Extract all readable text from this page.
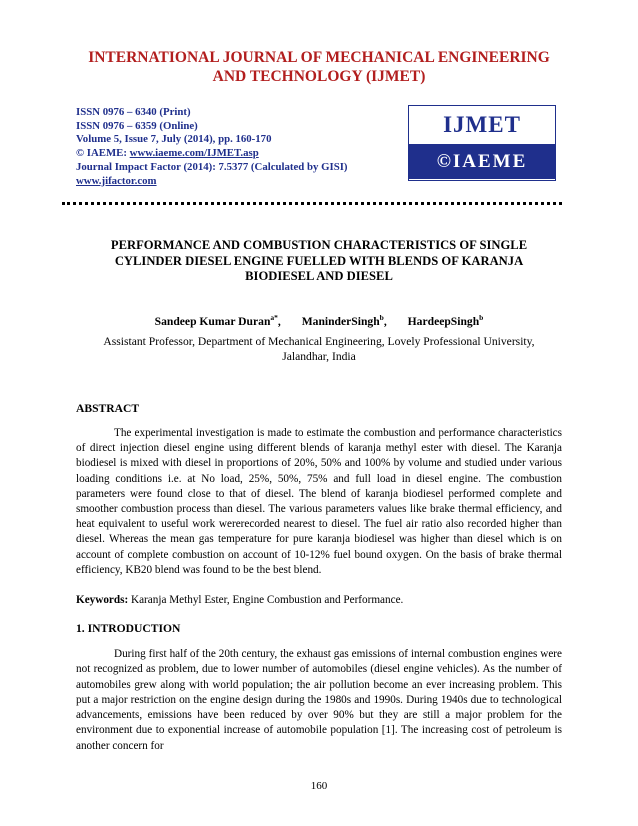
INTERNATIONAL JOURNAL OF MECHANICAL ENGINEERING
AND TECHNOLOGY (IJMET)
ISSN 0976 – 6340 (Print)
ISSN 0976 – 6359 (Online)
Volume 5, Issue 7, July (2014), pp. 160-170
© IAEME: www.iaeme.com/IJMET.asp
Journal Impact Factor (2014): 7.5377 (Calculated by GISI)
www.jifactor.com
IJMET
©IAEME
PERFORMANCE AND COMBUSTION CHARACTERISTICS OF SINGLE
CYLINDER DIESEL ENGINE FUELLED WITH BLENDS OF KARANJA
BIODIESEL AND DIESEL
Sandeep Kumar Duran$^{a*}$, ManinderSingh$^b$, HardeepSingh$^b$
Assistant Professor, Department of Mechanical Engineering, Lovely Professional University,
Jalandhar, India
ABSTRACT
The experimental investigation is made to estimate the combustion and performance characteristics of direct injection diesel engine using different blends of karanja methyl ester with diesel. The Karanja biodiesel is mixed with diesel in proportions of 20%, 50% and 100% by volume and studied under various loading conditions i.e. at No load, 25%, 50%, 75% and full load in diesel engine. The combustion parameters were found close to that of diesel. The blend of karanja biodiesel performed complete and smoother combustion process than diesel. The various parameters values like brake thermal efficiency, and heat equivalent to useful work wererecorded nearest to diesel. The fuel air ratio also recorded higher than diesel. Whereas the mean gas temperature for pure karanja biodiesel was higher than diesel which is on account of complete combustion on account of 10-12% fuel bound oxygen. On the basis of brake thermal efficiency, KB20 blend was found to be the best blend.
Keywords: Karanja Methyl Ester, Engine Combustion and Performance.
1. INTRODUCTION
During first half of the 20th century, the exhaust gas emissions of internal combustion engines were not recognized as problem, due to lower number of automobiles (diesel engine vehicles). As the number of automobiles grew along with world population; the air pollution become an ever increasing problem. This put a major restriction on the engine design during the 1980s and 1990s. During 1940s due to technological advancements, emissions have been reduced by over 90% but they are still a major problem for the environment due to exponential increase of automobile population [1]. The increasing cost of petroleum is another concern for
160
